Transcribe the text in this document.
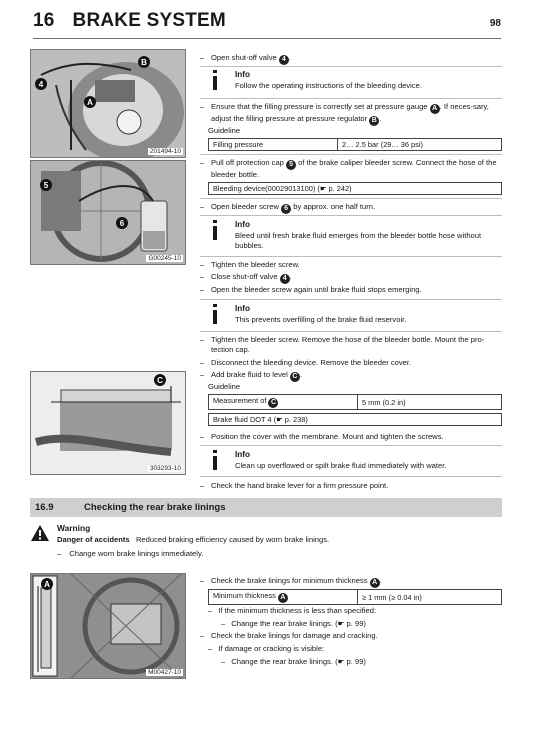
16 BRAKE SYSTEM	98
B
4
A
201494-10
5
6
G00245-10
C
303293-10
A
M00427-10
– Open shut-off valve 4 .
Info
Follow the operating instructions of the bleeding device.
– Ensure that the filling pressure is correctly set at pressure gauge A . If neces-sary, adjust the filling pressure at pressure regulator B .
Guideline
Filling pressure	2… 2.5 bar (29… 36 psi)
– Pull off protection cap 5 of the brake caliper bleeder screw. Connect the hose of the bleeder bottle.
Bleeding device(00029013100) (☛ p. 242)
– Open bleeder screw 6 by approx. one half turn.
Info
Bleed until fresh brake fluid emerges from the bleeder bottle hose without bubbles.
– Tighten the bleeder screw.
– Close shut-off valve 4 .
– Open the bleeder screw again until brake fluid stops emerging.
Info
This prevents overfilling of the brake fluid reservoir.
– Tighten the bleeder screw. Remove the hose of the bleeder bottle. Mount the pro-tection cap.
– Disconnect the bleeding device. Remove the bleeder cover.
– Add brake fluid to level C .
Guideline
Measurement of C	5 mm (0.2 in)
Brake fluid DOT 4 (☛ p. 238)
– Position the cover with the membrane. Mount and tighten the screws.
Info
Clean up overflowed or spilt brake fluid immediately with water.
– Check the hand brake lever for a firm pressure point.
16.9	Checking the rear brake linings
Warning
Danger of accidents Reduced braking efficiency caused by worn brake linings.
– Change worn brake linings immediately.
– Check the brake linings for minimum thickness A .
Minimum thickness A	≥ 1 mm (≥ 0.04 in)
– If the minimum thickness is less than specified:
– Change the rear brake linings. (☛ p. 99)
– Check the brake linings for damage and cracking.
– If damage or cracking is visible:
– Change the rear brake linings. (☛ p. 99)
